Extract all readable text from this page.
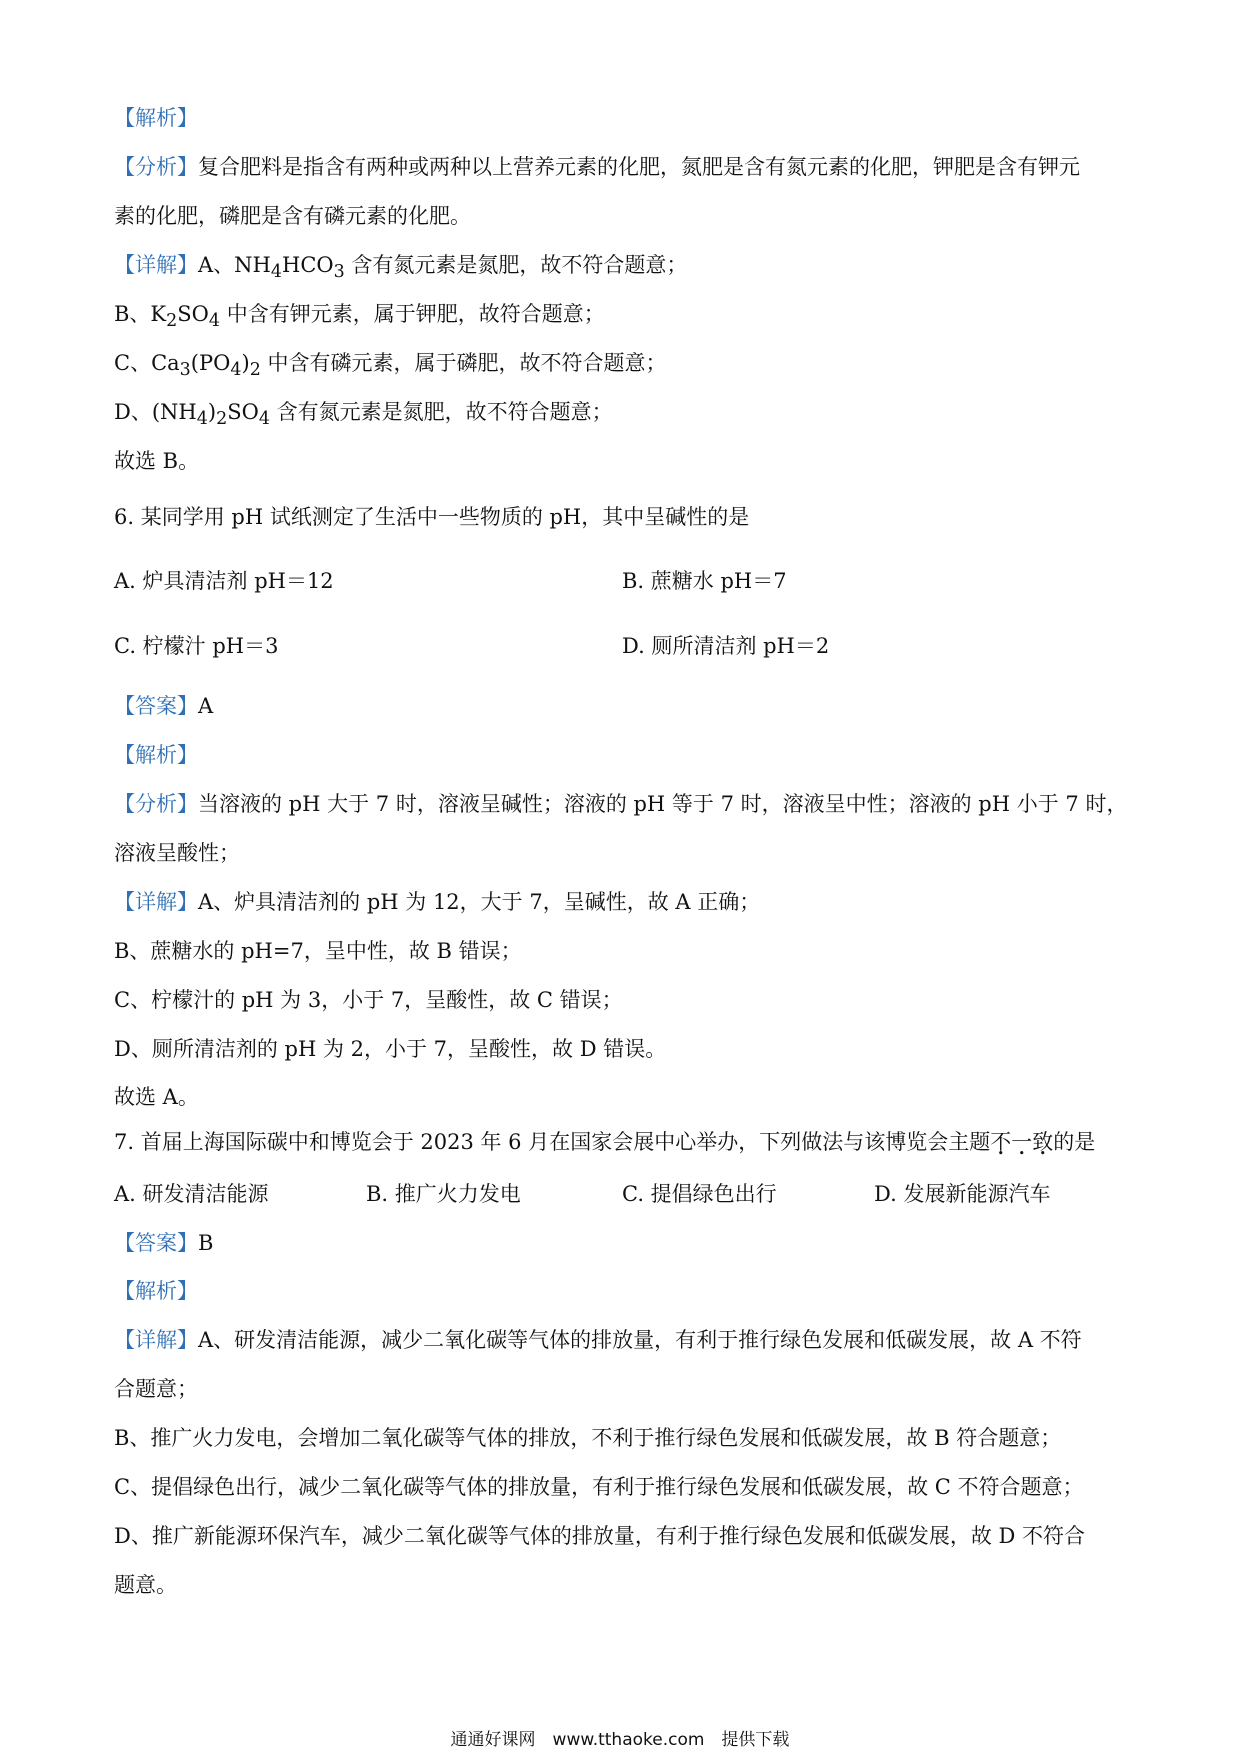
【解析】
【分析】复合肥料是指含有两种或两种以上营养元素的化肥，氮肥是含有氮元素的化肥，钾肥是含有钾元
素的化肥，磷肥是含有磷元素的化肥。
【详解】A、$NH_4HCO_3$ 含有氮元素是氮肥，故不符合题意；
B、$K_2SO_4$ 中含有钾元素，属于钾肥，故符合题意；
C、$Ca_3(PO_4)_2$ 中含有磷元素，属于磷肥，故不符合题意；
D、$(NH_4)_2SO_4$ 含有氮元素是氮肥，故不符合题意；
故选 B。
6. 某同学用 pH 试纸测定了生活中一些物质的 pH，其中呈碱性的是
A. 炉具清洁剂 pH＝12	B. 蔗糖水 pH＝7
C. 柠檬汁 pH＝3	D. 厕所清洁剂 pH＝2
【答案】A
【解析】
【分析】当溶液的 pH 大于 7 时，溶液呈碱性；溶液的 pH 等于 7 时，溶液呈中性；溶液的 pH 小于 7 时，
溶液呈酸性；
【详解】A、炉具清洁剂的 pH 为 12，大于 7，呈碱性，故 A 正确；
B、蔗糖水的 pH=7，呈中性，故 B 错误；
C、柠檬汁的 pH 为 3，小于 7，呈酸性，故 C 错误；
D、厕所清洁剂的 pH 为 2，小于 7，呈酸性，故 D 错误。
故选 A。
7. 首届上海国际碳中和博览会于 2023 年 6 月在国家会展中心举办，下列做法与该博览会主题不一致的是
A. 研发清洁能源	B. 推广火力发电	C. 提倡绿色出行	D. 发展新能源汽车
【答案】B
【解析】
【详解】A、研发清洁能源，减少二氧化碳等气体的排放量，有利于推行绿色发展和低碳发展，故 A 不符
合题意；
B、推广火力发电，会增加二氧化碳等气体的排放，不利于推行绿色发展和低碳发展，故 B 符合题意；
C、提倡绿色出行，减少二氧化碳等气体的排放量，有利于推行绿色发展和低碳发展，故 C 不符合题意；
D、推广新能源环保汽车，减少二氧化碳等气体的排放量，有利于推行绿色发展和低碳发展，故 D 不符合
题意。
通通好课网　www.tthaoke.com　提供下载
